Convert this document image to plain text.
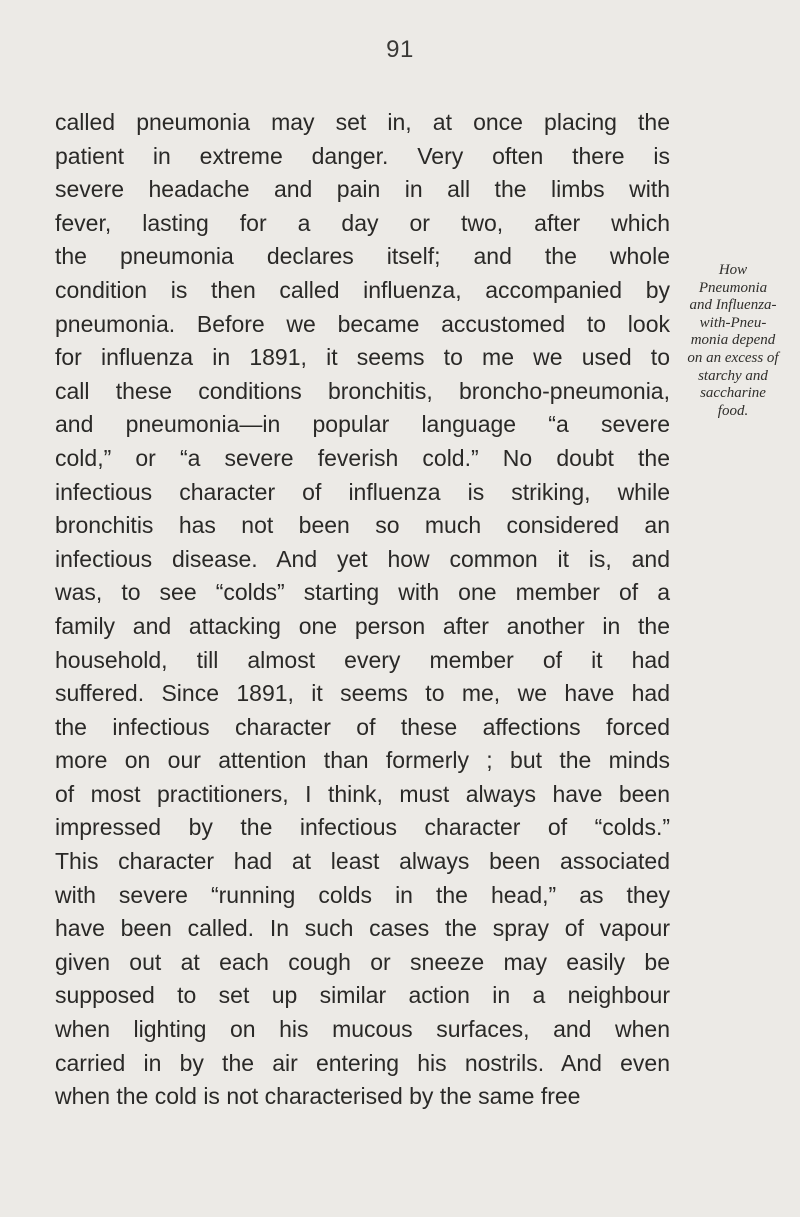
91
called pneumonia may set in, at once placing the
patient in extreme danger. Very often there is
severe headache and pain in all the limbs with
fever, lasting for a day or two, after which
the pneumonia declares itself; and the whole
condition is then called influenza, accompanied by
pneumonia. Before we became accustomed to look
for influenza in 1891, it seems to me we used to
call these conditions bronchitis, broncho-pneumonia,
and pneumonia—in popular language “a severe
cold,” or “a severe feverish cold.” No doubt the
infectious character of influenza is striking, while
bronchitis has not been so much considered an
infectious disease. And yet how common it is, and
was, to see “colds” starting with one member of a
family and attacking one person after another in the
household, till almost every member of it had
suffered. Since 1891, it seems to me, we have had
the infectious character of these affections forced
more on our attention than formerly ; but the minds
of most practitioners, I think, must always have been
impressed by the infectious character of “colds.”
This character had at least always been associated
with severe “running colds in the head,” as they
have been called. In such cases the spray of vapour
given out at each cough or sneeze may easily be
supposed to set up similar action in a neighbour
when lighting on his mucous surfaces, and when
carried in by the air entering his nostrils. And even
when the cold is not characterised by the same free
How
Pneumonia
and Influenza-
with-Pneu-
monia depend
on an excess of
starchy and
saccharine
food.
